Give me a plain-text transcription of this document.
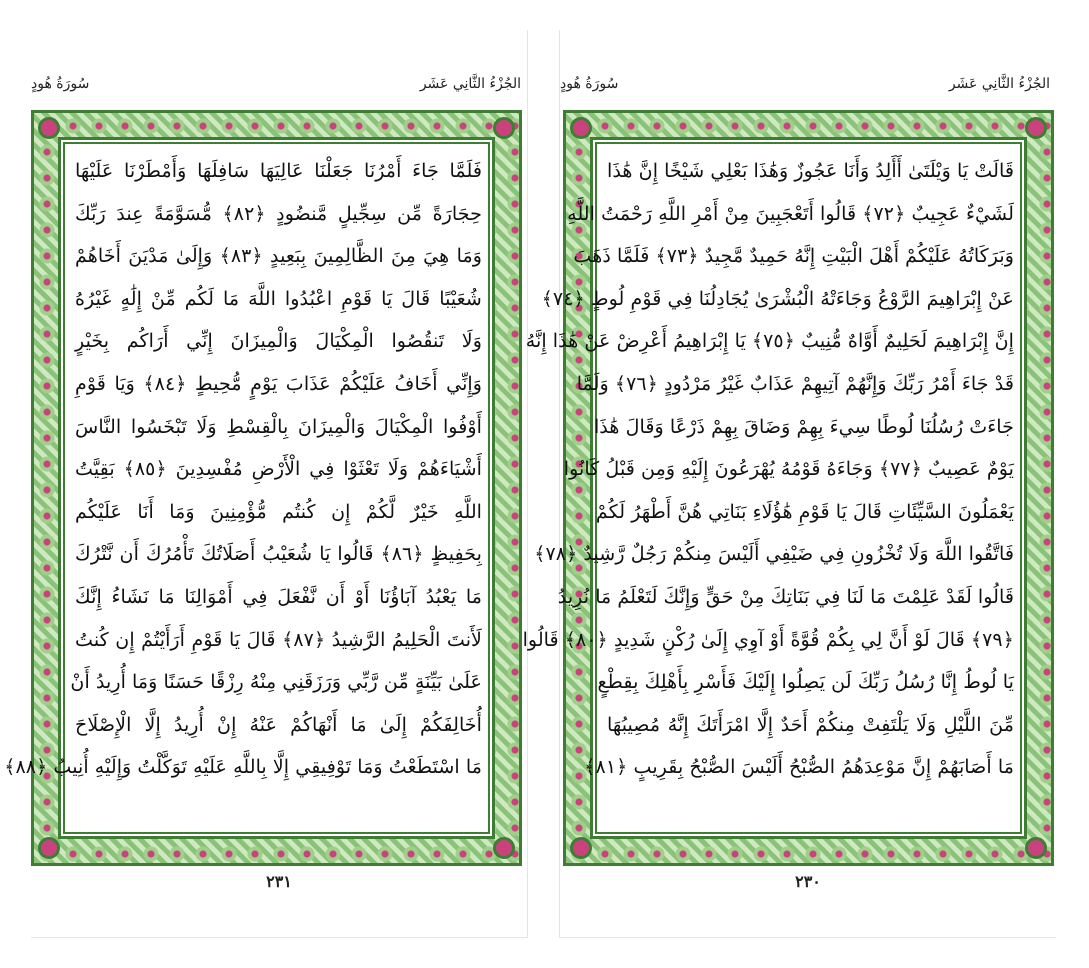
الجُزْءُ الثَّانِي عَشَر
سُورَةُ هُودٍ
فَلَمَّا جَاءَ أَمْرُنَا جَعَلْنَا عَالِيَهَا سَافِلَهَا وَأَمْطَرْنَا عَلَيْهَا
حِجَارَةً مِّن سِجِّيلٍ مَّنضُودٍ ﴿٨٢﴾ مُّسَوَّمَةً عِندَ رَبِّكَ
وَمَا هِيَ مِنَ الظَّالِمِينَ بِبَعِيدٍ ﴿٨٣﴾ وَإِلَىٰ مَدْيَنَ أَخَاهُمْ
شُعَيْبًا قَالَ يَا قَوْمِ اعْبُدُوا اللَّهَ مَا لَكُم مِّنْ إِلَٰهٍ غَيْرُهُ
وَلَا تَنقُصُوا الْمِكْيَالَ وَالْمِيزَانَ إِنِّي أَرَاكُم بِخَيْرٍ
وَإِنِّي أَخَافُ عَلَيْكُمْ عَذَابَ يَوْمٍ مُّحِيطٍ ﴿٨٤﴾ وَيَا قَوْمِ
أَوْفُوا الْمِكْيَالَ وَالْمِيزَانَ بِالْقِسْطِ وَلَا تَبْخَسُوا النَّاسَ
أَشْيَاءَهُمْ وَلَا تَعْثَوْا فِي الْأَرْضِ مُفْسِدِينَ ﴿٨٥﴾ بَقِيَّتُ
اللَّهِ خَيْرٌ لَّكُمْ إِن كُنتُم مُّؤْمِنِينَ وَمَا أَنَا عَلَيْكُم
بِحَفِيظٍ ﴿٨٦﴾ قَالُوا يَا شُعَيْبُ أَصَلَاتُكَ تَأْمُرُكَ أَن نَّتْرُكَ
مَا يَعْبُدُ آبَاؤُنَا أَوْ أَن نَّفْعَلَ فِي أَمْوَالِنَا مَا نَشَاءُ إِنَّكَ
لَأَنتَ الْحَلِيمُ الرَّشِيدُ ﴿٨٧﴾ قَالَ يَا قَوْمِ أَرَأَيْتُمْ إِن كُنتُ
عَلَىٰ بَيِّنَةٍ مِّن رَّبِّي وَرَزَقَنِي مِنْهُ رِزْقًا حَسَنًا وَمَا أُرِيدُ أَنْ
أُخَالِفَكُمْ إِلَىٰ مَا أَنْهَاكُمْ عَنْهُ إِنْ أُرِيدُ إِلَّا الْإِصْلَاحَ
مَا اسْتَطَعْتُ وَمَا تَوْفِيقِي إِلَّا بِاللَّهِ عَلَيْهِ تَوَكَّلْتُ وَإِلَيْهِ أُنِيبُ ﴿٨٨﴾
٢٣١
الجُزْءُ الثَّانِي عَشَر
سُورَةُ هُودٍ
قَالَتْ يَا وَيْلَتَىٰ أَأَلِدُ وَأَنَا عَجُوزٌ وَهَٰذَا بَعْلِي شَيْخًا إِنَّ هَٰذَا
لَشَيْءٌ عَجِيبٌ ﴿٧٢﴾ قَالُوا أَتَعْجَبِينَ مِنْ أَمْرِ اللَّهِ رَحْمَتُ اللَّهِ
وَبَرَكَاتُهُ عَلَيْكُمْ أَهْلَ الْبَيْتِ إِنَّهُ حَمِيدٌ مَّجِيدٌ ﴿٧٣﴾ فَلَمَّا ذَهَبَ
عَنْ إِبْرَاهِيمَ الرَّوْعُ وَجَاءَتْهُ الْبُشْرَىٰ يُجَادِلُنَا فِي قَوْمِ لُوطٍ ﴿٧٤﴾
إِنَّ إِبْرَاهِيمَ لَحَلِيمٌ أَوَّاهٌ مُّنِيبٌ ﴿٧٥﴾ يَا إِبْرَاهِيمُ أَعْرِضْ عَنْ هَٰذَا إِنَّهُ
قَدْ جَاءَ أَمْرُ رَبِّكَ وَإِنَّهُمْ آتِيهِمْ عَذَابٌ غَيْرُ مَرْدُودٍ ﴿٧٦﴾ وَلَمَّا
جَاءَتْ رُسُلُنَا لُوطًا سِيءَ بِهِمْ وَضَاقَ بِهِمْ ذَرْعًا وَقَالَ هَٰذَا
يَوْمٌ عَصِيبٌ ﴿٧٧﴾ وَجَاءَهُ قَوْمُهُ يُهْرَعُونَ إِلَيْهِ وَمِن قَبْلُ كَانُوا
يَعْمَلُونَ السَّيِّئَاتِ قَالَ يَا قَوْمِ هَٰؤُلَاءِ بَنَاتِي هُنَّ أَطْهَرُ لَكُمْ
فَاتَّقُوا اللَّهَ وَلَا تُخْزُونِ فِي ضَيْفِي أَلَيْسَ مِنكُمْ رَجُلٌ رَّشِيدٌ ﴿٧٨﴾
قَالُوا لَقَدْ عَلِمْتَ مَا لَنَا فِي بَنَاتِكَ مِنْ حَقٍّ وَإِنَّكَ لَتَعْلَمُ مَا نُرِيدُ
﴿٧٩﴾ قَالَ لَوْ أَنَّ لِي بِكُمْ قُوَّةً أَوْ آوِي إِلَىٰ رُكْنٍ شَدِيدٍ ﴿٨٠﴾ قَالُوا
يَا لُوطُ إِنَّا رُسُلُ رَبِّكَ لَن يَصِلُوا إِلَيْكَ فَأَسْرِ بِأَهْلِكَ بِقِطْعٍ
مِّنَ اللَّيْلِ وَلَا يَلْتَفِتْ مِنكُمْ أَحَدٌ إِلَّا امْرَأَتَكَ إِنَّهُ مُصِيبُهَا
مَا أَصَابَهُمْ إِنَّ مَوْعِدَهُمُ الصُّبْحُ أَلَيْسَ الصُّبْحُ بِقَرِيبٍ ﴿٨١﴾
٢٣٠
